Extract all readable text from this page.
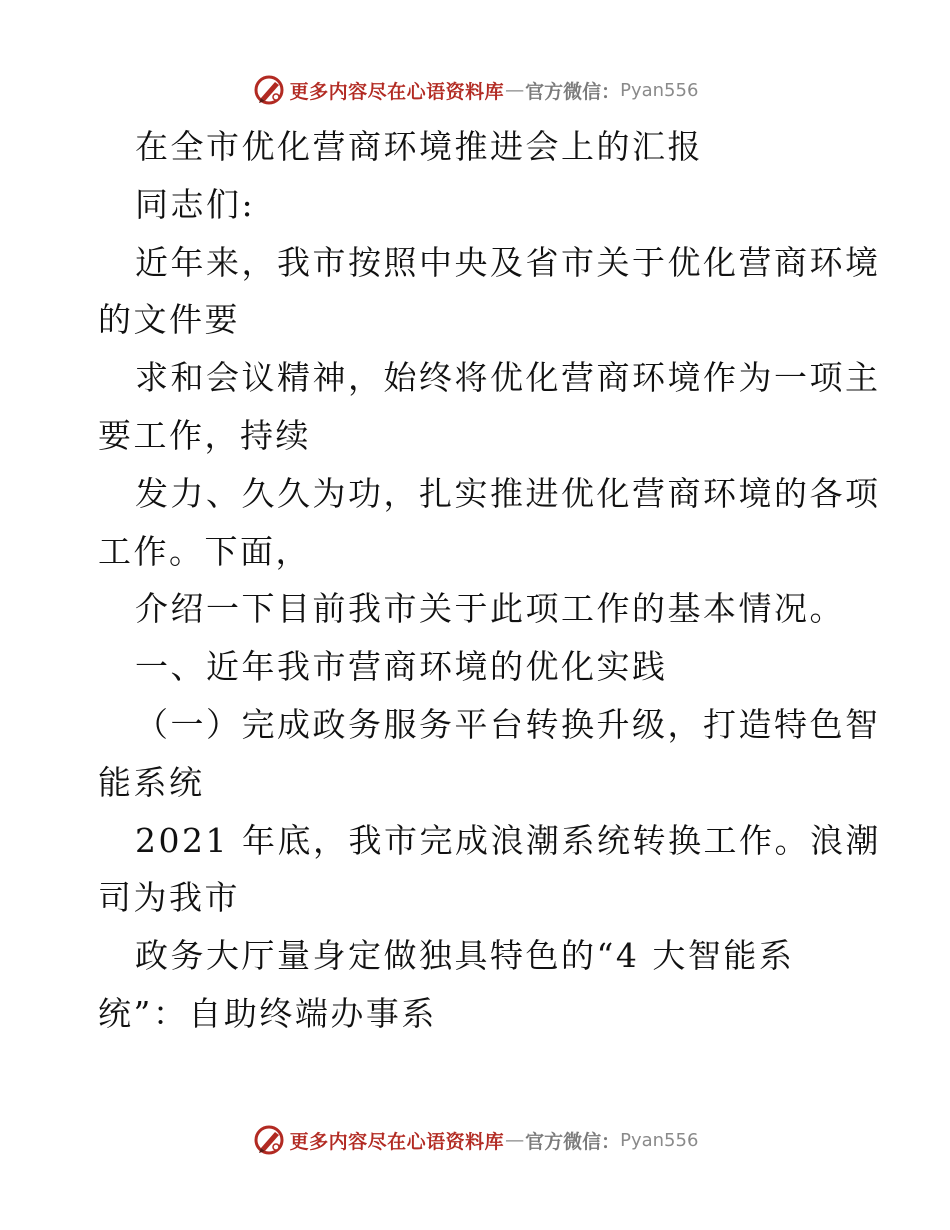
更多内容尽在心语资料库 — 官方微信： Pyan556
在全市优化营商环境推进会上的汇报
同志们:
近年来，我市按照中央及省市关于优化营商环境
的文件要
求和会议精神，始终将优化营商环境作为一项主
要工作，持续
发力、久久为功，扎实推进优化营商环境的各项
工作。下面，
介绍一下目前我市关于此项工作的基本情况。
一、近年我市营商环境的优化实践
（一）完成政务服务平台转换升级，打造特色智
能系统
2021 年底，我市完成浪潮系统转换工作。浪潮
司为我市
政务大厅量身定做独具特色的“4 大智能系
统”：自助终端办事系
更多内容尽在心语资料库 — 官方微信： Pyan556
